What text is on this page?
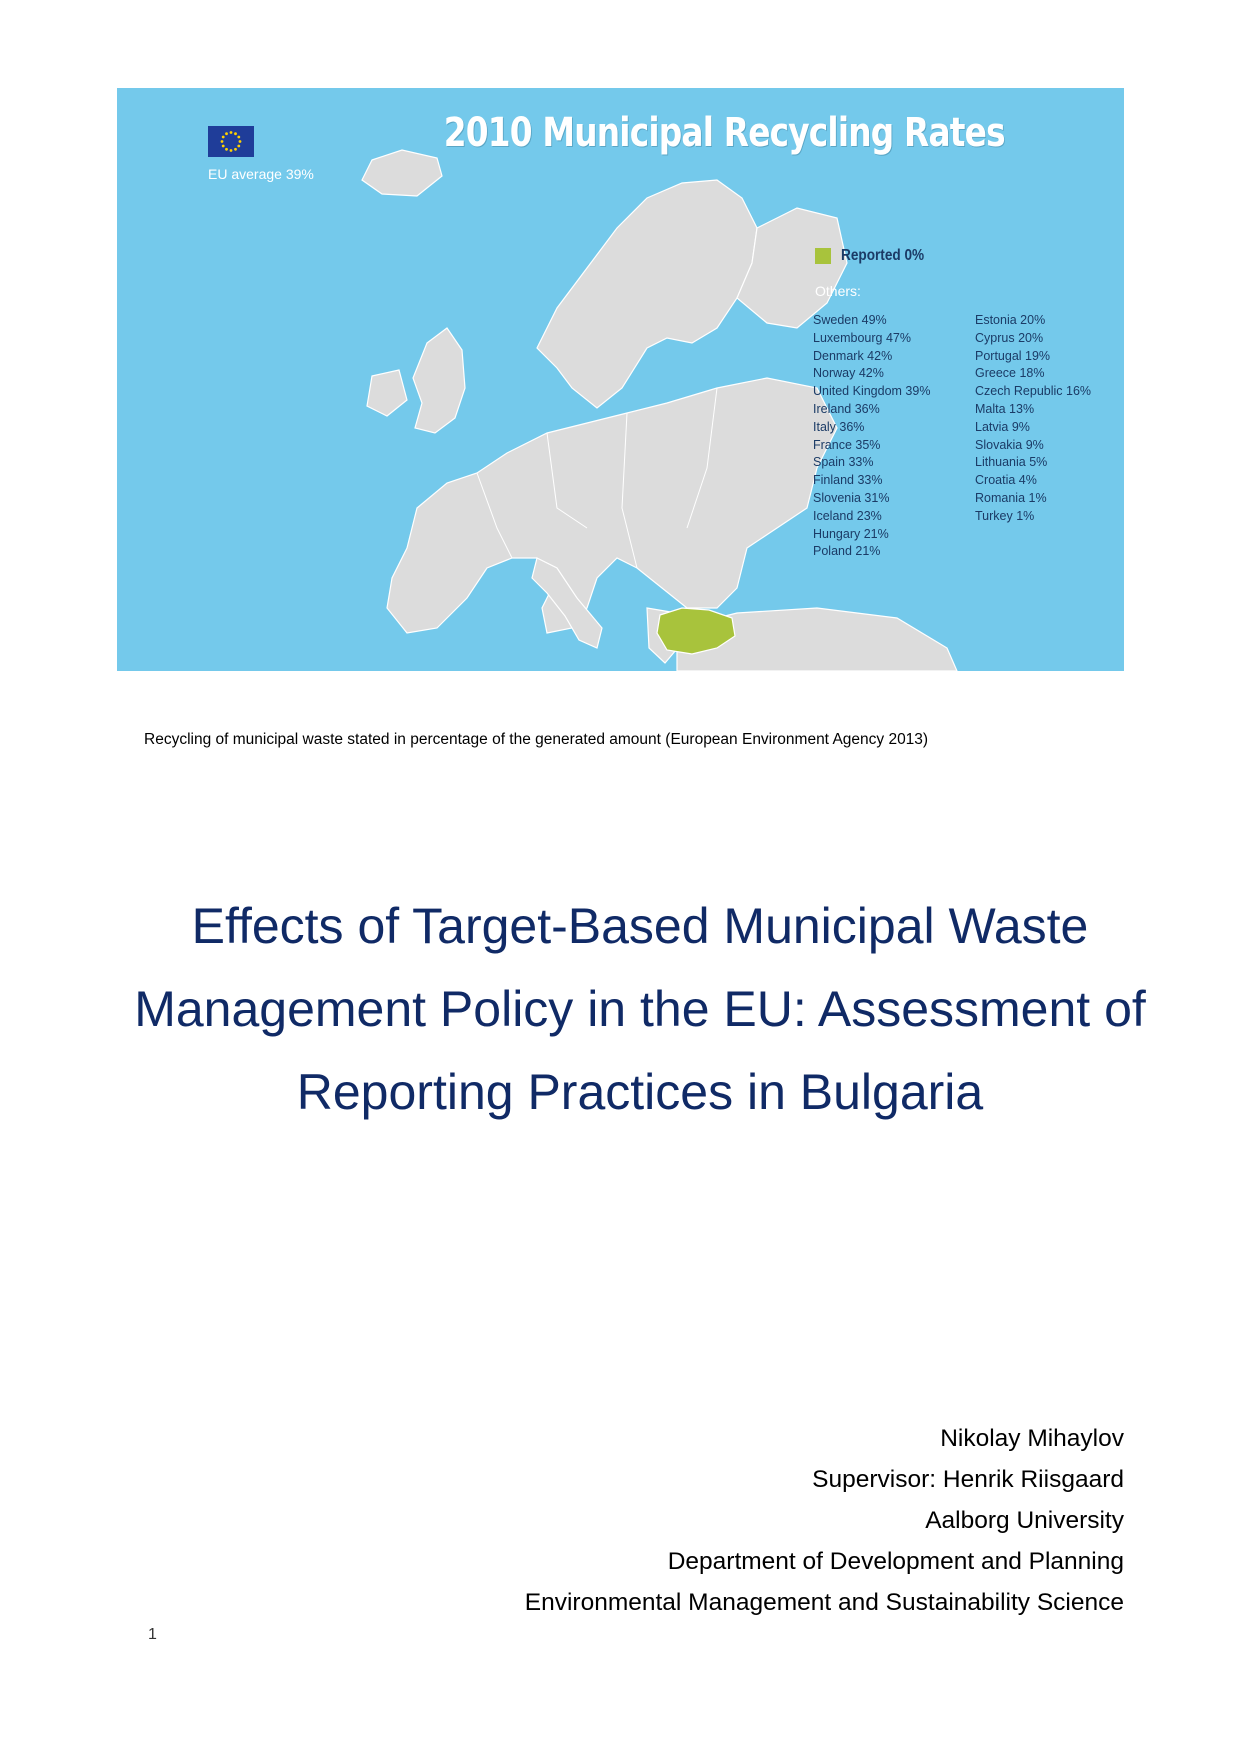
2010 Municipal Recycling Rates
EU average 39%
Reported 0%
Others:
Sweden 49%
Luxembourg 47%
Denmark 42%
Norway 42%
United Kingdom 39%
Ireland 36%
Italy 36%
France 35%
Spain 33%
Finland 33%
Slovenia 31%
Iceland 23%
Hungary 21%
Poland 21%
Estonia 20%
Cyprus 20%
Portugal 19%
Greece 18%
Czech Republic 16%
Malta 13%
Latvia 9%
Slovakia 9%
Lithuania 5%
Croatia 4%
Romania 1%
Turkey 1%
Recycling of municipal waste stated in percentage of the generated amount (European Environment Agency 2013)
Effects of Target-Based Municipal Waste Management Policy in the EU: Assessment of Reporting Practices in Bulgaria
Nikolay Mihaylov
Supervisor: Henrik Riisgaard
Aalborg University
Department of Development and Planning
Environmental Management and Sustainability Science
1
